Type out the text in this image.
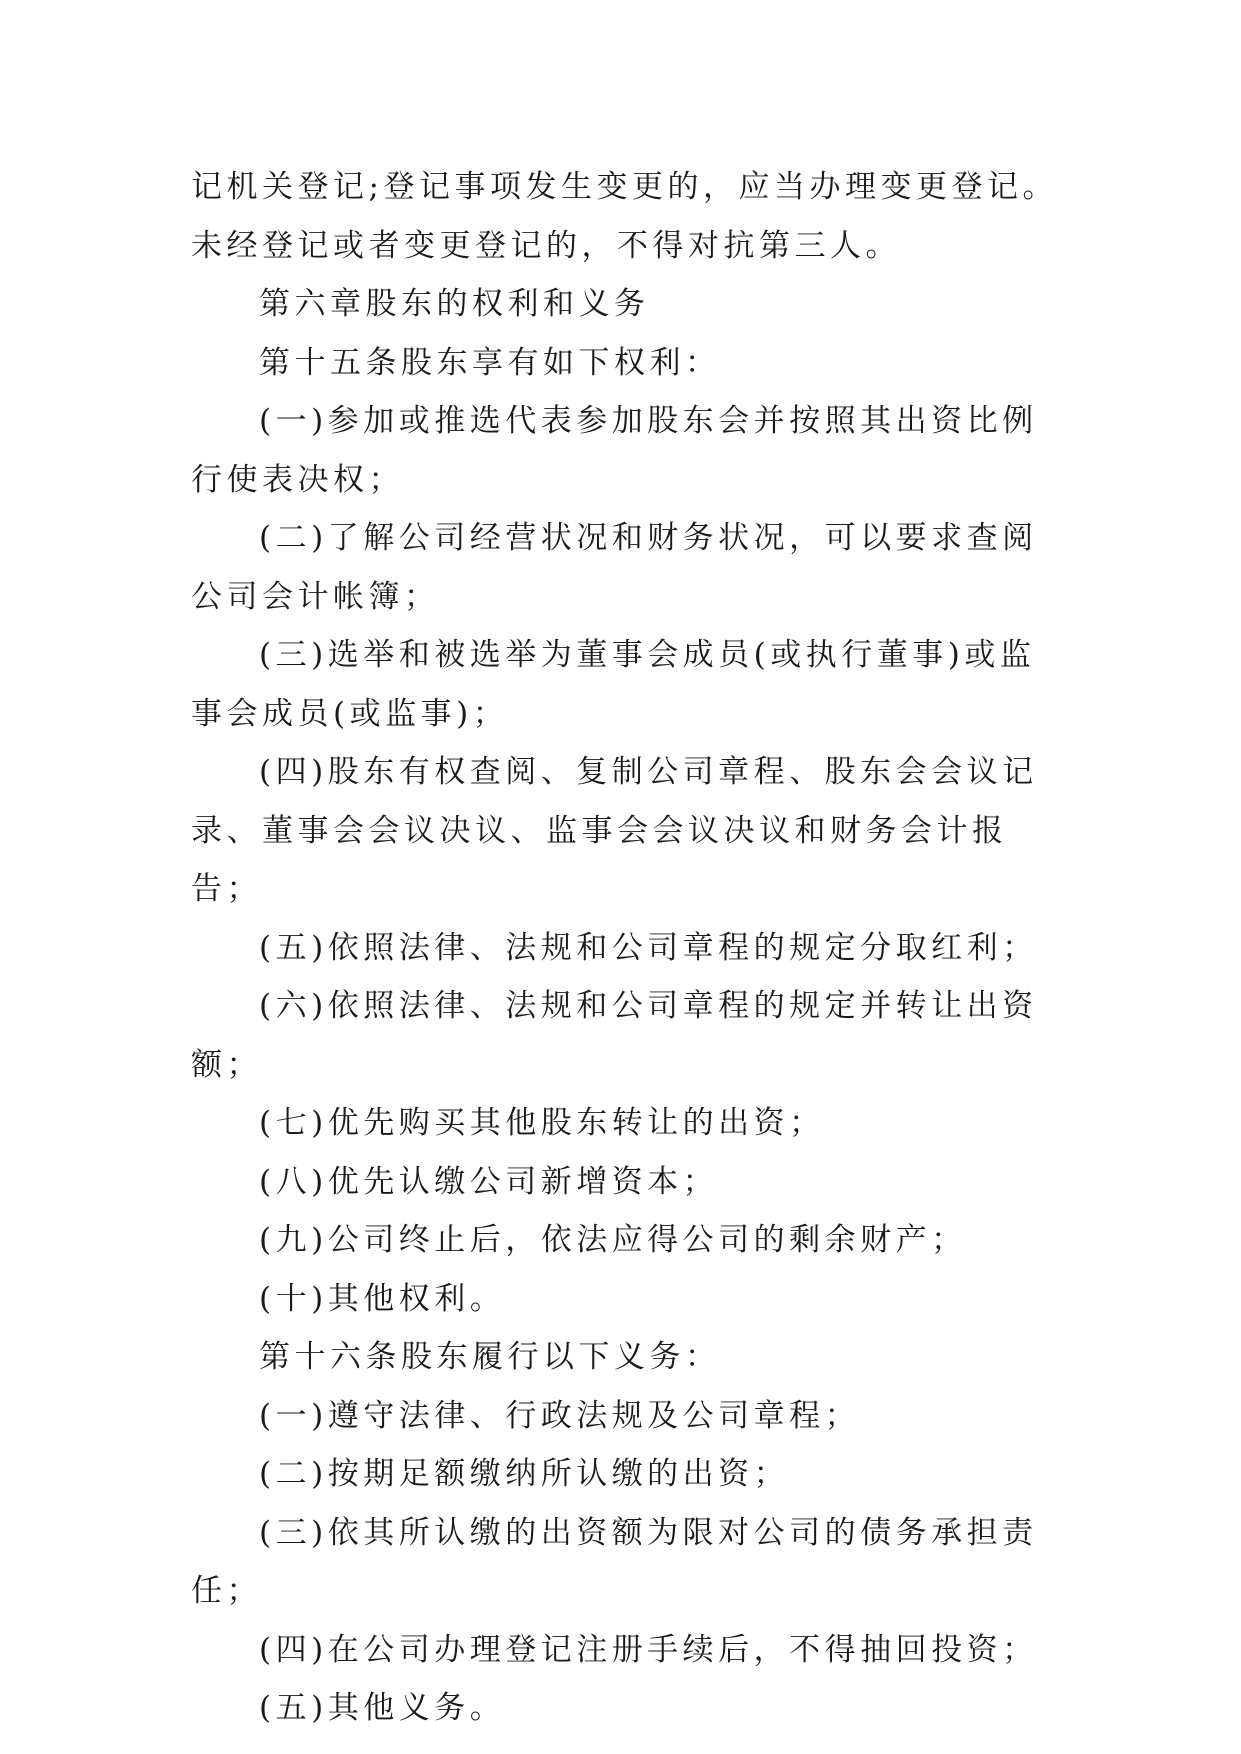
记机关登记;登记事项发生变更的，应当办理变更登记。未经登记或者变更登记的，不得对抗第三人。

第六章股东的权利和义务

第十五条股东享有如下权利：

(一)参加或推选代表参加股东会并按照其出资比例行使表决权；

(二)了解公司经营状况和财务状况，可以要求查阅公司会计帐簿；

(三)选举和被选举为董事会成员(或执行董事)或监事会成员(或监事)；

(四)股东有权查阅、复制公司章程、股东会会议记录、董事会会议决议、监事会会议决议和财务会计报告；

(五)依照法律、法规和公司章程的规定分取红利；

(六)依照法律、法规和公司章程的规定并转让出资额；

(七)优先购买其他股东转让的出资；

(八)优先认缴公司新增资本；

(九)公司终止后，依法应得公司的剩余财产；

(十)其他权利。

第十六条股东履行以下义务：

(一)遵守法律、行政法规及公司章程；

(二)按期足额缴纳所认缴的出资；

(三)依其所认缴的出资额为限对公司的债务承担责任；

(四)在公司办理登记注册手续后，不得抽回投资；

(五)其他义务。
